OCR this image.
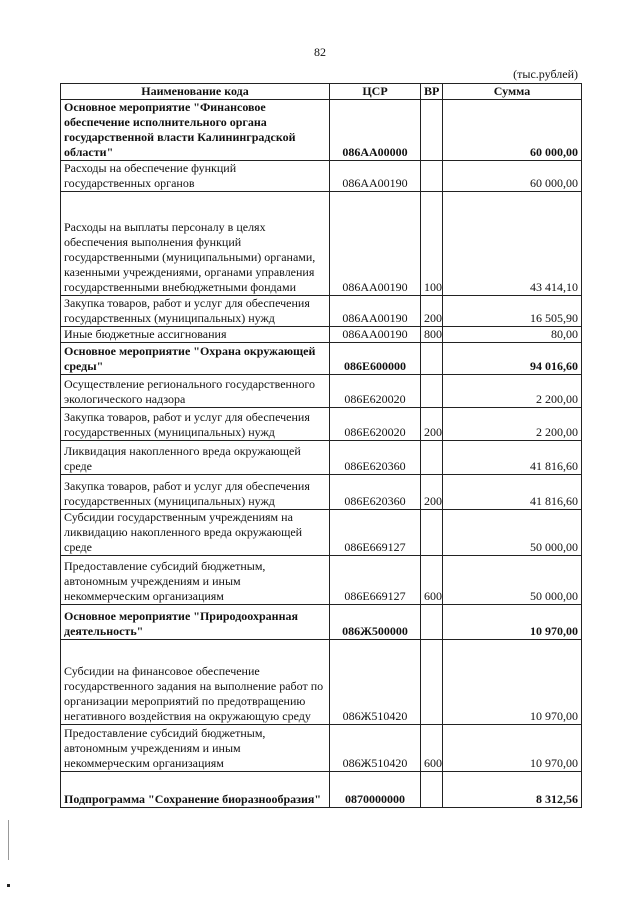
82
(тыс.рублей)
Наименование кода	ЦСР	ВР	Сумма
Основное мероприятие "Финансовое обеспечение исполнительного органа государственной власти Калининградской области"	086АА00000		60 000,00
Расходы на обеспечение функций государственных органов	086АА00190		60 000,00
Расходы на выплаты персоналу в целях обеспечения выполнения функций государственными (муниципальными) органами, казенными учреждениями, органами управления государственными внебюджетными фондами	086АА00190	100	43 414,10
Закупка товаров, работ и услуг для обеспечения государственных (муниципальных) нужд	086АА00190	200	16 505,90
Иные бюджетные ассигнования	086АА00190	800	80,00
Основное мероприятие "Охрана окружающей среды"	086Е600000		94 016,60
Осуществление регионального государственного экологического надзора	086Е620020		2 200,00
Закупка товаров, работ и услуг для обеспечения государственных (муниципальных) нужд	086Е620020	200	2 200,00
Ликвидация накопленного вреда окружающей среде	086Е620360		41 816,60
Закупка товаров, работ и услуг для обеспечения государственных (муниципальных) нужд	086Е620360	200	41 816,60
Субсидии государственным учреждениям на ликвидацию накопленного вреда окружающей среде	086Е669127		50 000,00
Предоставление субсидий бюджетным, автономным учреждениям и иным некоммерческим организациям	086Е669127	600	50 000,00
Основное мероприятие "Природоохранная деятельность"	086Ж500000		10 970,00
Субсидии на финансовое обеспечение государственного задания на выполнение работ по организации мероприятий по предотвращению негативного воздействия на окружающую среду	086Ж510420		10 970,00
Предоставление субсидий бюджетным, автономным учреждениям и иным некоммерческим организациям	086Ж510420	600	10 970,00
Подпрограмма "Сохранение биоразнообразия"	0870000000		8 312,56
